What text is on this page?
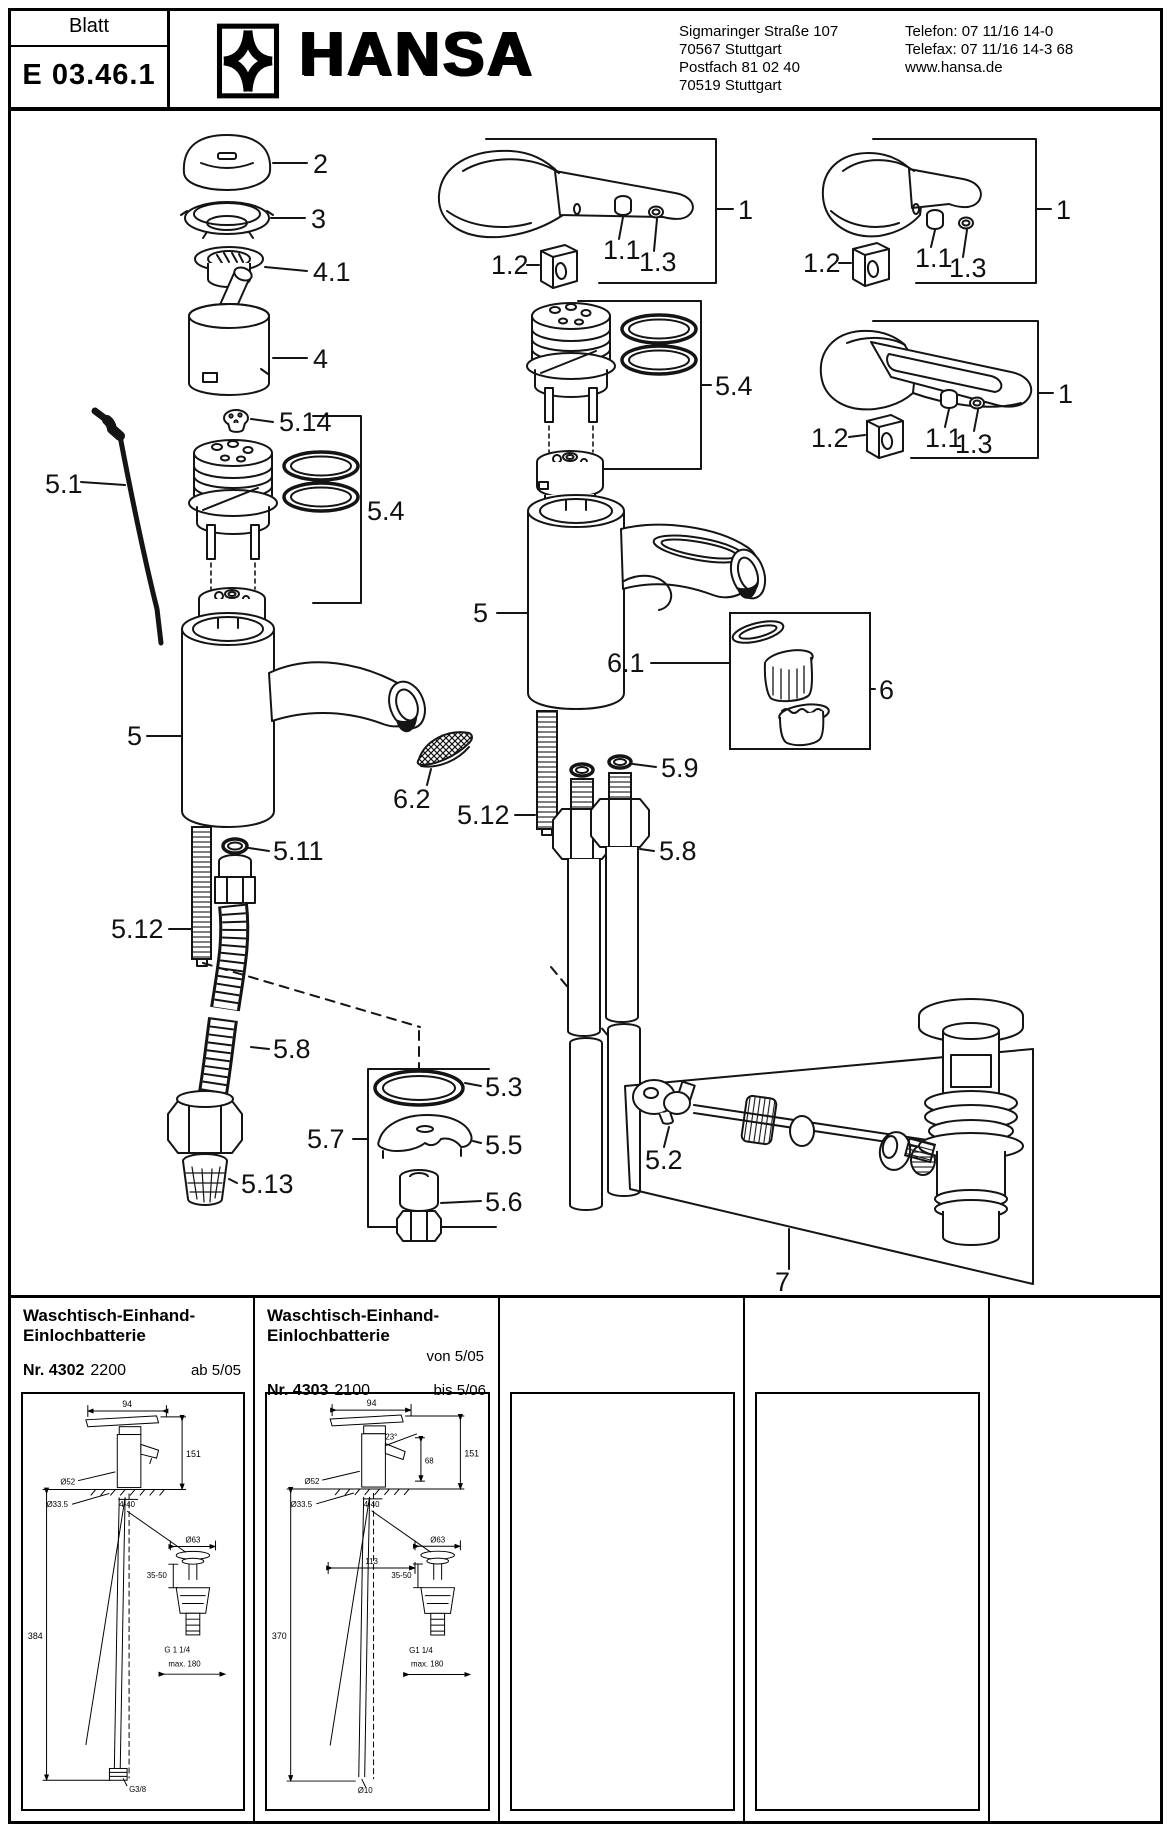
Blatt
E 03.46.1 HANSA	Sigmaringer Straße 107
70567 Stuttgart
Postfach 81 02 40
70519 Stuttgart
Telefon: 07 11/16 14-0
Telefax: 07 11/16 14-3 68
www.hansa.de
2
3
4.1
4
5.14
5.1
5.4
5
5.12
5.11
5.8
5.13
5.7
5.3
5.5
5.6
1
1.1
1.3
1.2
5.4
5
5.12
6.2
6.1
6
5.9
5.8
5.2
7
1
1.1
1.3
1.2
1
1.1
1.3
1.2
Waschtisch-Einhand-
Einlochbatterie
Nr. 4302 2200	ab 5/05
94
151
Ø52
Ø33.5	4-40
384
Ø63
35-50
G 1 1/4
max. 180
G3/8
Waschtisch-Einhand-
Einlochbatterie
von 5/05
Nr. 4303 2100	bis 5/06
94
23°
68
151
Ø52
Ø33.5	4-40
113
370
Ø63
35-50
G1 1/4
max. 180
Ø10
